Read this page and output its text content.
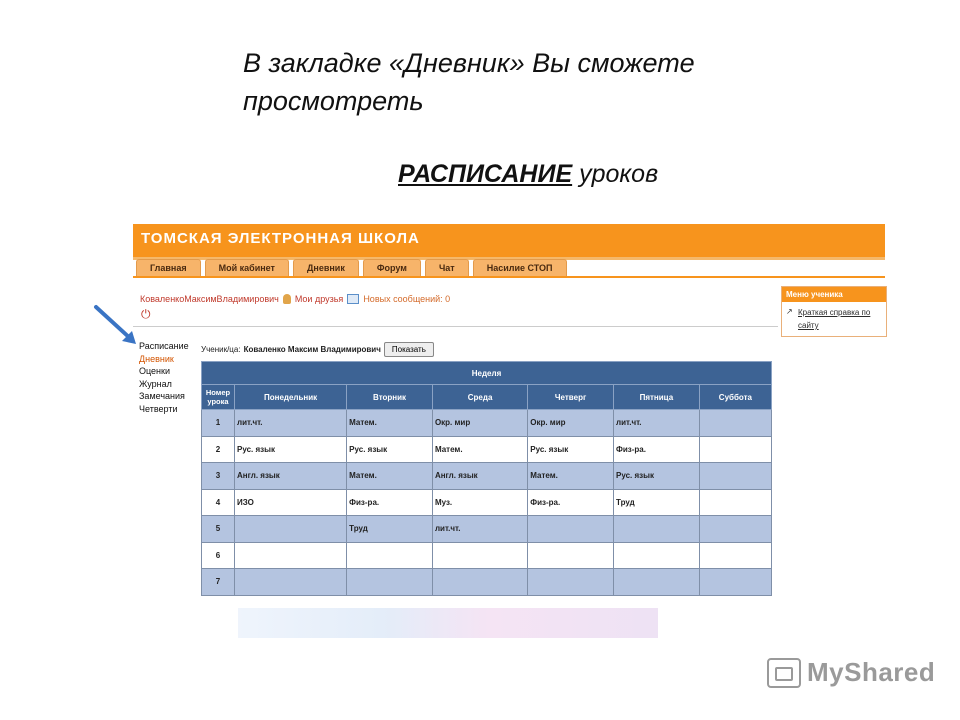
В закладке «Дневник» Вы сможете просмотреть
РАСПИСАНИЕ уроков
ТОМСКАЯ ЭЛЕКТРОННАЯ ШКОЛА
Главная	Мой кабинет	Дневник	Форум	Чат	Насилие СТОП
КоваленкоМаксимВладимирович Мои друзья Новых сообщений: 0
⏻
Меню ученика
↗ Краткая справка по сайту
Расписание
Дневник
Оценки
Журнал
Замечания
Четверти
Ученик/ца: Коваленко Максим Владимирович	Показать
Неделя						
Номер урока	Понедельник	Вторник	Среда	Четверг	Пятница	Суббота
1	лит.чт.	Матем.	Окр. мир	Окр. мир	лит.чт.	
2	Рус. язык	Рус. язык	Матем.	Рус. язык	Физ-ра.	
3	Англ. язык	Матем.	Англ. язык	Матем.	Рус. язык	
4	ИЗО	Физ-ра.	Муз.	Физ-ра.	Труд	
5		Труд	лит.чт.			
6						
7						
MyShared
